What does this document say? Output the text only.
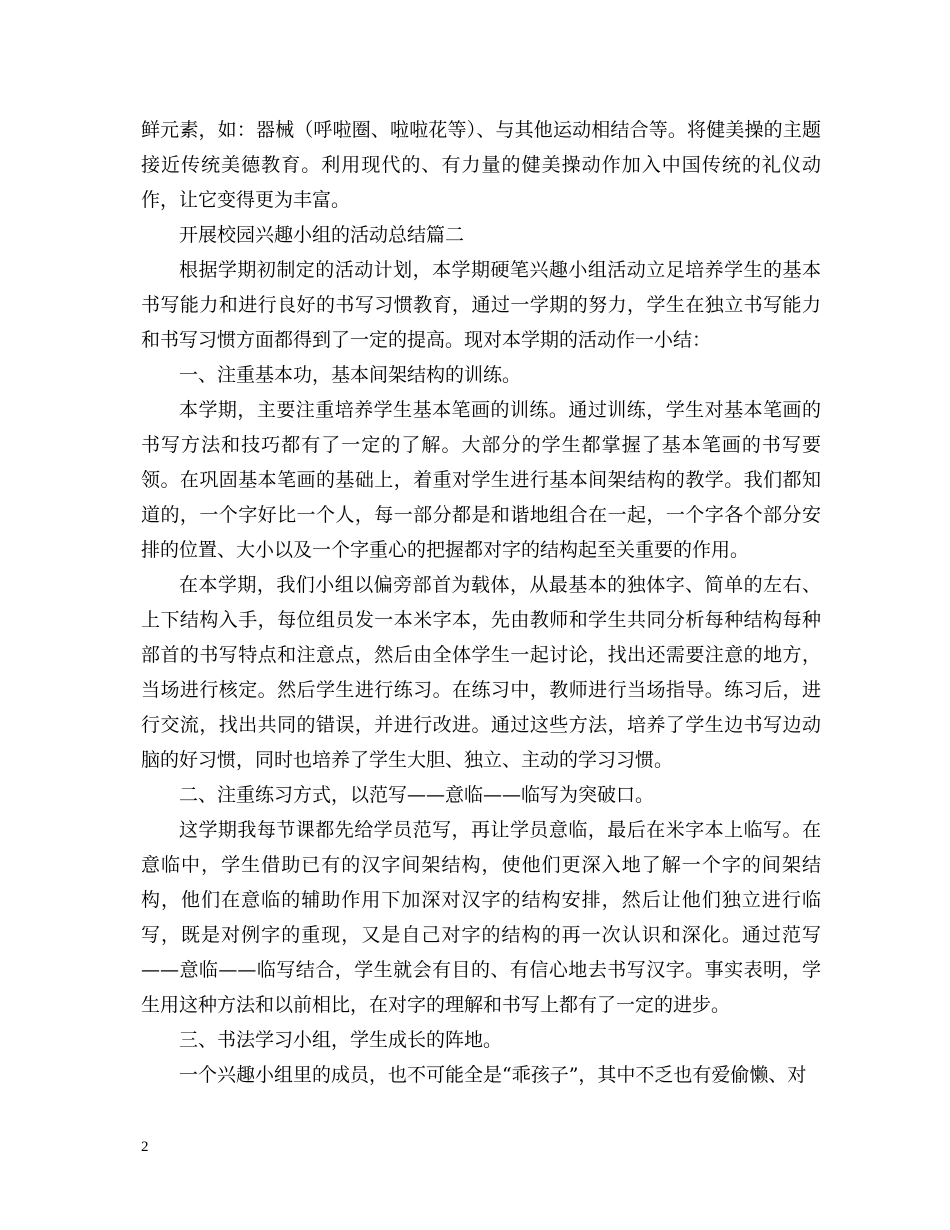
鲜元素，如：器械（呼啦圈、啦啦花等）、与其他运动相结合等。将健美操的主题接近传统美德教育。利用现代的、有力量的健美操动作加入中国传统的礼仪动作，让它变得更为丰富。

开展校园兴趣小组的活动总结篇二

根据学期初制定的活动计划，本学期硬笔兴趣小组活动立足培养学生的基本书写能力和进行良好的书写习惯教育，通过一学期的努力，学生在独立书写能力和书写习惯方面都得到了一定的提高。现对本学期的活动作一小结：

一、注重基本功，基本间架结构的训练。

本学期，主要注重培养学生基本笔画的训练。通过训练，学生对基本笔画的书写方法和技巧都有了一定的了解。大部分的学生都掌握了基本笔画的书写要领。在巩固基本笔画的基础上，着重对学生进行基本间架结构的教学。我们都知道的，一个字好比一个人，每一部分都是和谐地组合在一起，一个字各个部分安排的位置、大小以及一个字重心的把握都对字的结构起至关重要的作用。

在本学期，我们小组以偏旁部首为载体，从最基本的独体字、简单的左右、上下结构入手，每位组员发一本米字本，先由教师和学生共同分析每种结构每种部首的书写特点和注意点，然后由全体学生一起讨论，找出还需要注意的地方，当场进行核定。然后学生进行练习。在练习中，教师进行当场指导。练习后，进行交流，找出共同的错误，并进行改进。通过这些方法，培养了学生边书写边动脑的好习惯，同时也培养了学生大胆、独立、主动的学习习惯。

二、注重练习方式，以范写——意临——临写为突破口。

这学期我每节课都先给学员范写，再让学员意临，最后在米字本上临写。在意临中，学生借助已有的汉字间架结构，使他们更深入地了解一个字的间架结构，他们在意临的辅助作用下加深对汉字的结构安排，然后让他们独立进行临写，既是对例字的重现，又是自己对字的结构的再一次认识和深化。通过范写——意临——临写结合，学生就会有目的、有信心地去书写汉字。事实表明，学生用这种方法和以前相比，在对字的理解和书写上都有了一定的进步。

三、书法学习小组，学生成长的阵地。

一个兴趣小组里的成员，也不可能全是“乖孩子”，其中不乏也有爱偷懒、对

2
